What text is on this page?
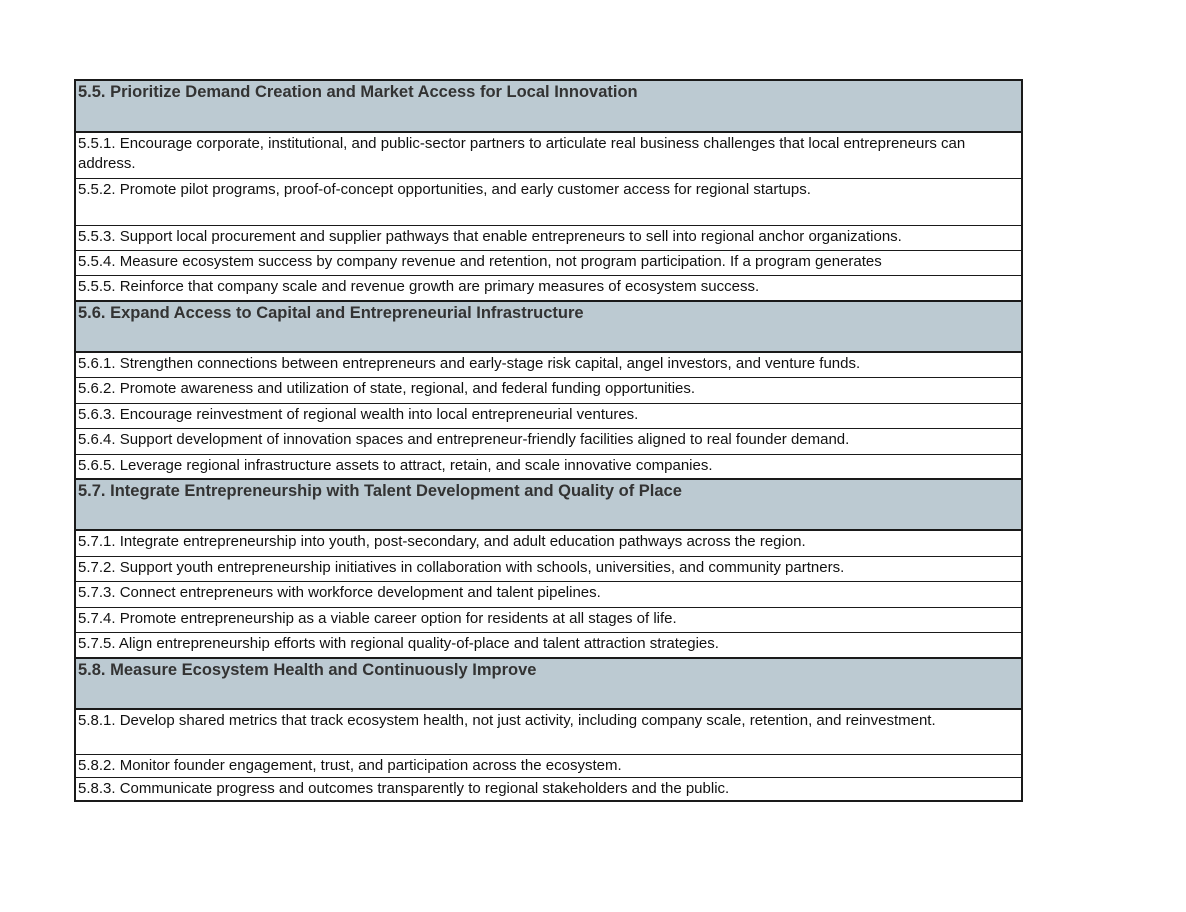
5.5. Prioritize Demand Creation and Market Access for Local Innovation
5.5.1. Encourage corporate, institutional, and public-sector partners to articulate real business challenges that local entrepreneurs can address.
5.5.2. Promote pilot programs, proof-of-concept opportunities, and early customer access for regional startups.
5.5.3. Support local procurement and supplier pathways that enable entrepreneurs to sell into regional anchor organizations.
5.5.4. Measure ecosystem success by company revenue and retention, not program participation. If a program generates
5.5.5. Reinforce that company scale and revenue growth are primary measures of ecosystem success.
5.6. Expand Access to Capital and Entrepreneurial Infrastructure
5.6.1. Strengthen connections between entrepreneurs and early-stage risk capital, angel investors, and venture funds.
5.6.2. Promote awareness and utilization of state, regional, and federal funding opportunities.
5.6.3. Encourage reinvestment of regional wealth into local entrepreneurial ventures.
5.6.4. Support development of innovation spaces and entrepreneur-friendly facilities aligned to real founder demand.
5.6.5. Leverage regional infrastructure assets to attract, retain, and scale innovative companies.
5.7. Integrate Entrepreneurship with Talent Development and Quality of Place
5.7.1. Integrate entrepreneurship into youth, post-secondary, and adult education pathways across the region.
5.7.2. Support youth entrepreneurship initiatives in collaboration with schools, universities, and community partners.
5.7.3. Connect entrepreneurs with workforce development and talent pipelines.
5.7.4. Promote entrepreneurship as a viable career option for residents at all stages of life.
5.7.5. Align entrepreneurship efforts with regional quality-of-place and talent attraction strategies.
5.8. Measure Ecosystem Health and Continuously Improve
5.8.1. Develop shared metrics that track ecosystem health, not just activity, including company scale, retention, and reinvestment.
5.8.2. Monitor founder engagement, trust, and participation across the ecosystem.
5.8.3. Communicate progress and outcomes transparently to regional stakeholders and the public.
